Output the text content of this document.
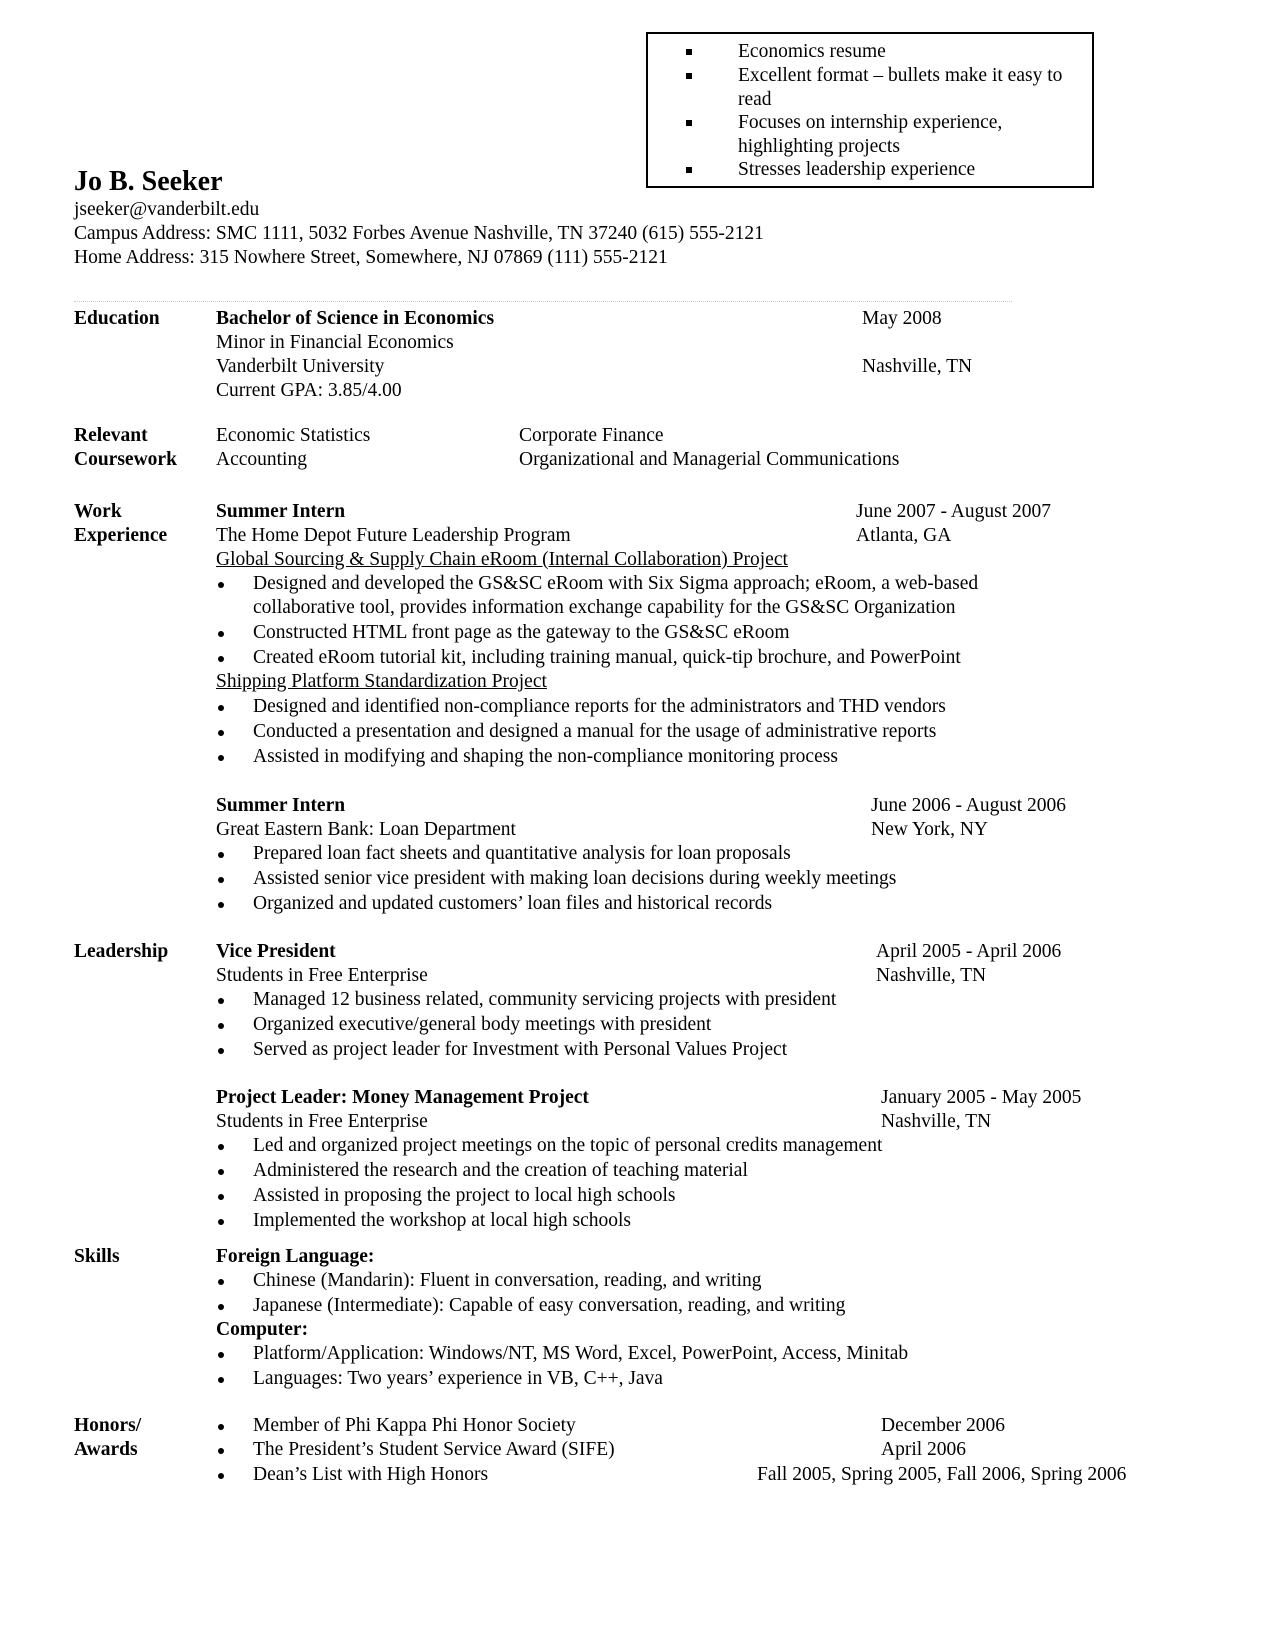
Economics resume
Excellent format – bullets make it easy to read
Focuses on internship experience, highlighting projects
Stresses leadership experience
Jo B. Seeker
jseeker@vanderbilt.edu
Campus Address: SMC 1111, 5032 Forbes Avenue Nashville, TN 37240 (615) 555-2121
Home Address: 315 Nowhere Street, Somewhere, NJ 07869 (111) 555-2121
Education	Bachelor of Science in Economics	May 2008
Minor in Financial Economics
Vanderbilt University	Nashville, TN
Current GPA: 3.85/4.00
Relevant
Coursework
Economic Statistics	Corporate Finance
Accounting	Organizational and Managerial Communications
Work
Experience
Summer Intern	June 2007 - August 2007
The Home Depot Future Leadership Program	Atlanta, GA
Global Sourcing & Supply Chain eRoom (Internal Collaboration) Project
Designed and developed the GS&SC eRoom with Six Sigma approach; eRoom, a web-based
collaborative tool, provides information exchange capability for the GS&SC Organization
Constructed HTML front page as the gateway to the GS&SC eRoom
Created eRoom tutorial kit, including training manual, quick-tip brochure, and PowerPoint
Shipping Platform Standardization Project
Designed and identified non-compliance reports for the administrators and THD vendors
Conducted a presentation and designed a manual for the usage of administrative reports
Assisted in modifying and shaping the non-compliance monitoring process
Summer Intern	June 2006 - August 2006
Great Eastern Bank: Loan Department	New York, NY
Prepared loan fact sheets and quantitative analysis for loan proposals
Assisted senior vice president with making loan decisions during weekly meetings
Organized and updated customers’ loan files and historical records
Leadership Vice President	April 2005 - April 2006
Students in Free Enterprise	Nashville, TN
Managed 12 business related, community servicing projects with president
Organized executive/general body meetings with president
Served as project leader for Investment with Personal Values Project
Project Leader: Money Management Project	January 2005 - May 2005
Students in Free Enterprise	Nashville, TN
Led and organized project meetings on the topic of personal credits management
Administered the research and the creation of teaching material
Assisted in proposing the project to local high schools
Implemented the workshop at local high schools
Skills	Foreign Language:
Chinese (Mandarin): Fluent in conversation, reading, and writing
Japanese (Intermediate): Capable of easy conversation, reading, and writing
Computer:
Platform/Application: Windows/NT, MS Word, Excel, PowerPoint, Access, Minitab
Languages: Two years’ experience in VB, C++, Java
Honors/
Awards
Member of Phi Kappa Phi Honor Society	December 2006
The President’s Student Service Award (SIFE)	April 2006
Dean’s List with High Honors	Fall 2005, Spring 2005, Fall 2006, Spring 2006
